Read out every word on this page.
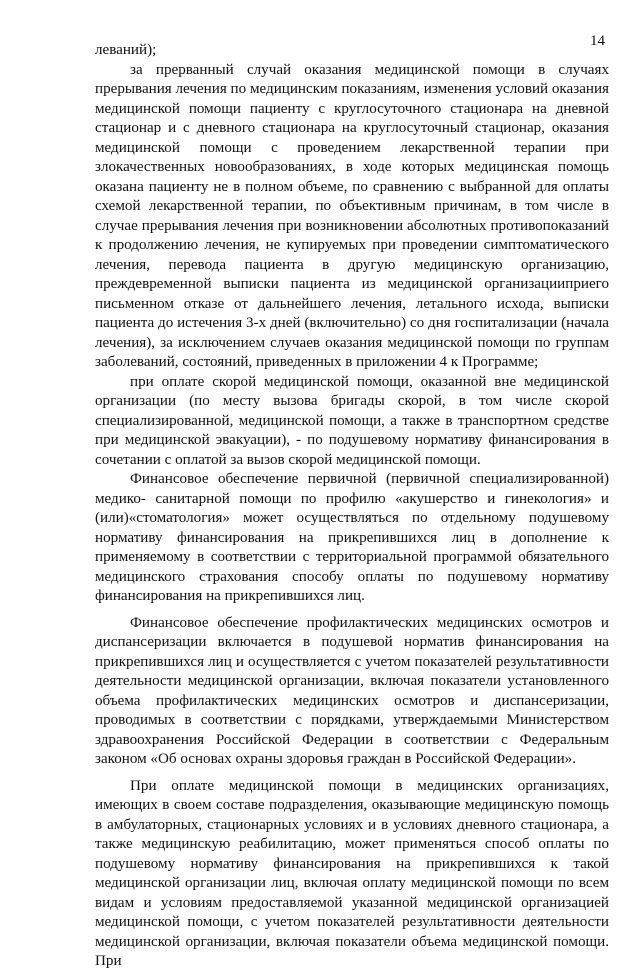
14

леваний);

за прерванный случай оказания медицинской помощи в случаях прерывания лечения по медицинским показаниям, изменения условий оказания медицинской помощи пациенту с круглосуточного стационара на дневной стационар и с дневного стационара на круглосуточный стационар, оказания медицинской помощи с проведением лекарственной терапии при злокачественных новообразованиях, в ходе которых медицинская помощь оказана пациенту не в полном объеме, по сравнению с выбранной для оплаты схемой лекарственной терапии, по объективным причинам, в том числе в случае прерывания лечения при возникновении абсолютных противопоказаний к продолжению лечения, не купируемых при проведении симптоматического лечения, перевода пациента в другую медицинскую организацию, преждевременной выписки пациента из медицинской организацииприего письменном отказе от дальнейшего лечения, летального исхода, выписки пациента до истечения 3-х дней (включительно) со дня госпитализации (начала лечения), за исключением случаев оказания медицинской помощи по группам заболеваний, состояний, приведенных в приложении 4 к Программе;

при оплате скорой медицинской помощи, оказанной вне медицинской организации (по месту вызова бригады скорой, в том числе скорой специализированной, медицинской помощи, а также в транспортном средстве при медицинской эвакуации), - по подушевому нормативу финансирования в сочетании с оплатой за вызов скорой медицинской помощи.

Финансовое обеспечение первичной (первичной специализированной) медико- санитарной помощи по профилю «акушерство и гинекология» и (или)«стоматология» может осуществляться по отдельному подушевому нормативу финансирования на прикрепившихся лиц в дополнение к применяемому в соответствии с территориальной программой обязательного медицинского страхования способу оплаты по подушевому нормативу финансирования на прикрепившихся лиц.

Финансовое обеспечение профилактических медицинских осмотров и диспансеризации включается в подушевой норматив финансирования на прикрепившихся лиц и осуществляется с учетом показателей результативности деятельности медицинской организации, включая показатели установленного объема профилактических медицинских осмотров и диспансеризации, проводимых в соответствии с порядками, утверждаемыми Министерством здравоохранения Российской Федерации в соответствии с Федеральным законом «Об основах охраны здоровья граждан в Российской Федерации».

При оплате медицинской помощи в медицинских организациях, имеющих в своем составе подразделения, оказывающие медицинскую помощь в амбулаторных, стационарных условиях и в условиях дневного стационара, а также медицинскую реабилитацию, может применяться способ оплаты по подушевому нормативу финансирования на прикрепившихся к такой медицинской организации лиц, включая оплату медицинской помощи по всем видам и условиям предоставляемой указанной медицинской организацией медицинской помощи, с учетом показателей результативности деятельности медицинской организации, включая показатели объема медицинской помощи. При
